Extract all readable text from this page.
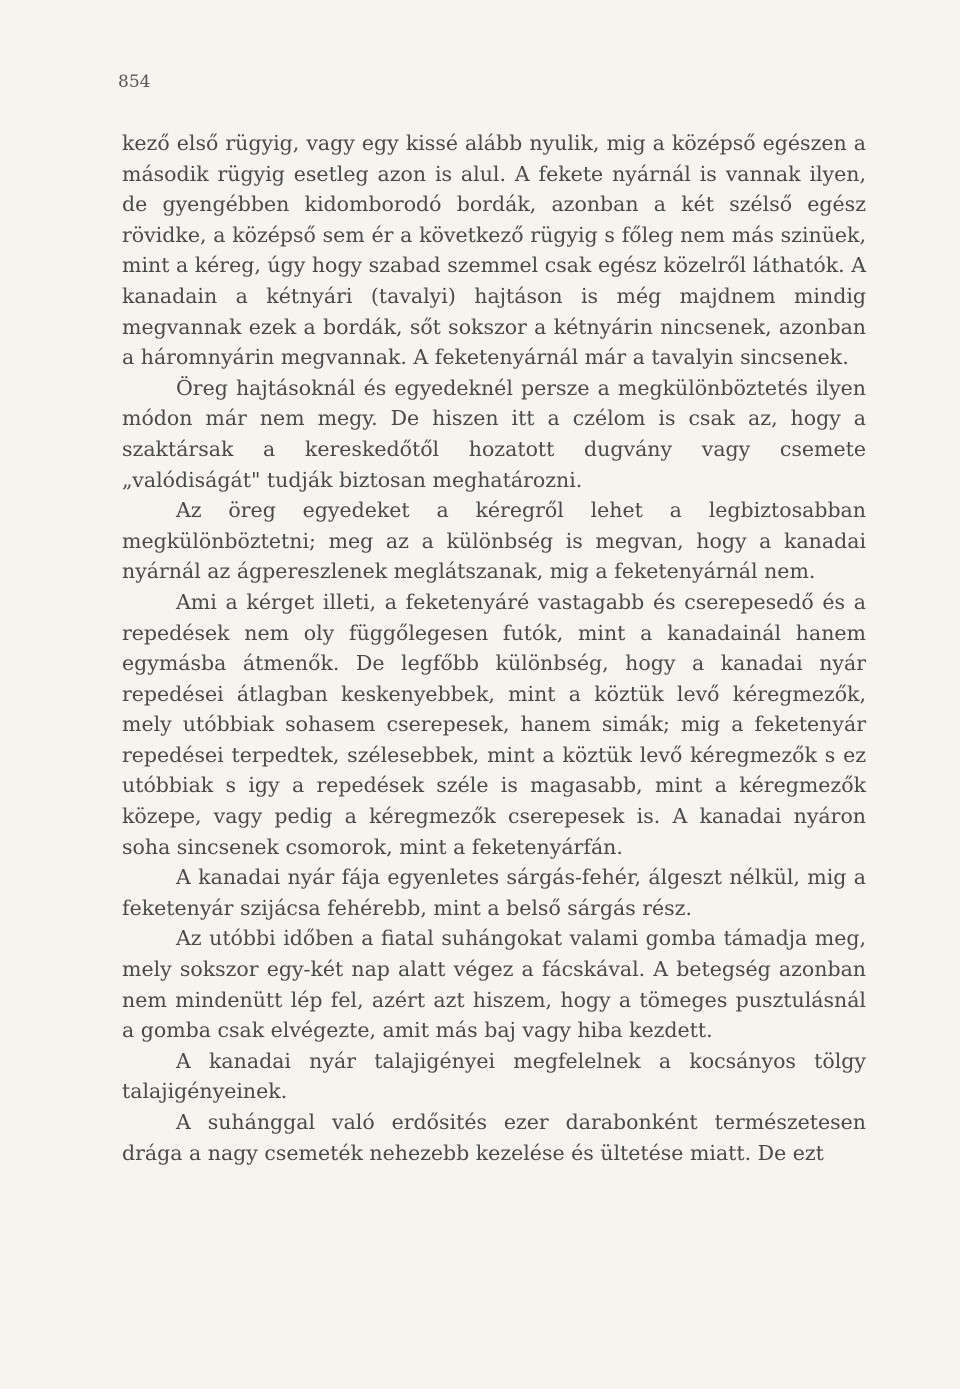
854

kező első rügyig, vagy egy kissé alább nyulik, mig a középső egészen a második rügyig esetleg azon is alul. A fekete nyárnál is vannak ilyen, de gyengébben kidomborodó bordák, azonban a két szélső egész rövidke, a középső sem ér a következő rügyig s főleg nem más szinüek, mint a kéreg, úgy hogy szabad szemmel csak egész közelről láthatók. A kanadain a kétnyári (tavalyi) hajtáson is még majdnem mindig megvannak ezek a bordák, sőt sokszor a kétnyárin nincsenek, azonban a háromnyárin megvannak. A feketenyárnál már a tavalyin sincsenek.

Öreg hajtásoknál és egyedeknél persze a megkülönböztetés ilyen módon már nem megy. De hiszen itt a czélom is csak az, hogy a szaktársak a kereskedőtől hozatott dugvány vagy csemete „valódiságát" tudják biztosan meghatározni.

Az öreg egyedeket a kéregről lehet a legbiztosabban megkülönböztetni; meg az a különbség is megvan, hogy a kanadai nyárnál az ágpereszlenek meglátszanak, mig a feketenyárnál nem.

Ami a kérget illeti, a feketenyáré vastagabb és cserepesedő és a repedések nem oly függőlegesen futók, mint a kanadainál hanem egymásba átmenők. De legfőbb különbség, hogy a kanadai nyár repedései átlagban keskenyebbek, mint a köztük levő kéregmezők, mely utóbbiak sohasem cserepesek, hanem simák; mig a feketenyár repedései terpedtek, szélesebbek, mint a köztük levő kéregmezők s ez utóbbiak s igy a repedések széle is magasabb, mint a kéregmezők közepe, vagy pedig a kéregmezők cserepesek is. A kanadai nyáron soha sincsenek csomorok, mint a feketenyárfán.

A kanadai nyár fája egyenletes sárgás-fehér, álgeszt nélkül, mig a feketenyár szijácsa fehérebb, mint a belső sárgás rész.

Az utóbbi időben a fiatal suhángokat valami gomba támadja meg, mely sokszor egy-két nap alatt végez a fácskával. A betegség azonban nem mindenütt lép fel, azért azt hiszem, hogy a tömeges pusztulásnál a gomba csak elvégezte, amit más baj vagy hiba kezdett.

A kanadai nyár talajigényei megfelelnek a kocsányos tölgy talajigényeinek.

A suhánggal való erdősités ezer darabonként természetesen drága a nagy csemeték nehezebb kezelése és ültetése miatt. De ezt
